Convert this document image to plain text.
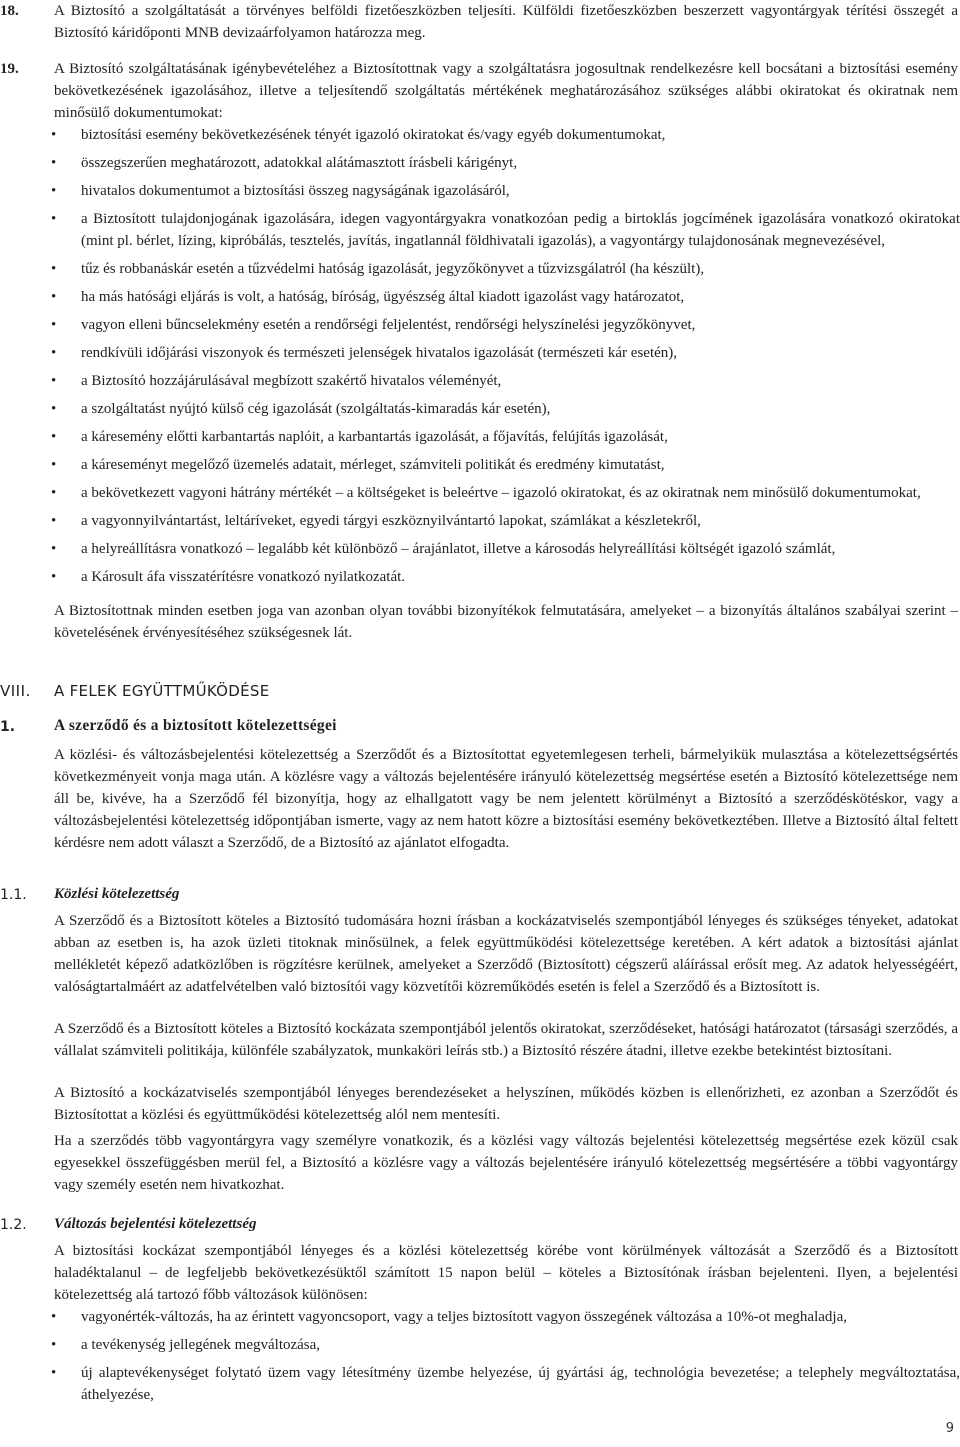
18. A Biztosító a szolgáltatását a törvényes belföldi fizetőeszközben teljesíti. Külföldi fizetőeszközben beszerzett vagyontárgyak térítési összegét a Biztosító káridőponti MNB devizaárfolyamon határozza meg.
19. A Biztosító szolgáltatásának igénybevételéhez a Biztosítottnak vagy a szolgáltatásra jogosultnak rendelkezésre kell bocsátani a biztosítási esemény bekövetkezésének igazolásához, illetve a teljesítendő szolgáltatás mértékének meghatározásához szükséges alábbi okiratokat és okiratnak nem minősülő dokumentumokat:
• biztosítási esemény bekövetkezésének tényét igazoló okiratokat és/vagy egyéb dokumentumokat,
• összegszerűen meghatározott, adatokkal alátámasztott írásbeli kárigényt,
• hivatalos dokumentumot a biztosítási összeg nagyságának igazolásáról,
• a Biztosított tulajdonjogának igazolására, idegen vagyontárgyakra vonatkozóan pedig a birtoklás jogcímének igazolására vonatkozó okiratokat (mint pl. bérlet, lízing, kipróbálás, tesztelés, javítás, ingatlannál földhivatali igazolás), a vagyontárgy tulajdonosának megnevezésével,
• tűz és robbanáskár esetén a tűzvédelmi hatóság igazolását, jegyzőkönyvet a tűzvizsgálatról (ha készült),
• ha más hatósági eljárás is volt, a hatóság, bíróság, ügyészség által kiadott igazolást vagy határozatot,
• vagyon elleni bűncselekmény esetén a rendőrségi feljelentést, rendőrségi helyszínelési jegyzőkönyvet,
• rendkívüli időjárási viszonyok és természeti jelenségek hivatalos igazolását (természeti kár esetén),
• a Biztosító hozzájárulásával megbízott szakértő hivatalos véleményét,
• a szolgáltatást nyújtó külső cég igazolását (szolgáltatás-kimaradás kár esetén),
• a káresemény előtti karbantartás naplóit, a karbantartás igazolását, a főjavítás, felújítás igazolását,
• a káreseményt megelőző üzemelés adatait, mérleget, számviteli politikát és eredmény kimutatást,
• a bekövetkezett vagyoni hátrány mértékét – a költségeket is beleértve – igazoló okiratokat, és az okiratnak nem minősülő dokumentumokat,
• a vagyonnyilvántartást, leltáríveket, egyedi tárgyi eszköznyilvántartó lapokat, számlákat a készletekről,
• a helyreállításra vonatkozó – legalább két különböző – árajánlatot, illetve a károsodás helyreállítási költségét igazoló számlát,
• a Károsult áfa visszatérítésre vonatkozó nyilatkozatát.
A Biztosítottnak minden esetben joga van azonban olyan további bizonyítékok felmutatására, amelyeket – a bizonyítás általános szabályai szerint – követelésének érvényesítéséhez szükségesnek lát.
VIII. A FELEK EGYÜTTMŰKÖDÉSE
1.	A szerződő és a biztosított kötelezettségei
A közlési- és változásbejelentési kötelezettség a Szerződőt és a Biztosítottat egyetemlegesen terheli, bármelyikük mulasztása a kötelezettségsértés következményeit vonja maga után. A közlésre vagy a változás bejelentésére irányuló kötelezettség megsértése esetén a Biztosító kötelezettsége nem áll be, kivéve, ha a Szerződő fél bizonyítja, hogy az elhallgatott vagy be nem jelentett körülményt a Biztosító a szerződéskötéskor, vagy a változásbejelentési kötelezettség időpontjában ismerte, vagy az nem hatott közre a biztosítási esemény bekövetkeztében. Illetve a Biztosító által feltett kérdésre nem adott választ a Szerződő, de a Biztosító az ajánlatot elfogadta.
1.1. Közlési kötelezettség
A Szerződő és a Biztosított köteles a Biztosító tudomására hozni írásban a kockázatviselés szempontjából lényeges és szükséges tényeket, adatokat abban az esetben is, ha azok üzleti titoknak minősülnek, a felek együttműködési kötelezettsége keretében. A kért adatok a biztosítási ajánlat mellékletét képező adatközlőben is rögzítésre kerülnek, amelyeket a Szerződő (Biztosított) cégszerű aláírással erősít meg. Az adatok helyességéért, valóságtartalmáért az adatfelvételben való biztosítói vagy közvetítői közreműködés esetén is felel a Szerződő és a Biztosított is.
A Szerződő és a Biztosított köteles a Biztosító kockázata szempontjából jelentős okiratokat, szerződéseket, hatósági határozatot (társasági szerződés, a vállalat számviteli politikája, különféle szabályzatok, munkaköri leírás stb.) a Biztosító részére átadni, illetve ezekbe betekintést biztosítani.
A Biztosító a kockázatviselés szempontjából lényeges berendezéseket a helyszínen, működés közben is ellenőrizheti, ez azonban a Szerződőt és Biztosítottat a közlési és együttműködési kötelezettség alól nem mentesíti.
Ha a szerződés több vagyontárgyra vagy személyre vonatkozik, és a közlési vagy változás bejelentési kötelezettség megsértése ezek közül csak egyesekkel összefüggésben merül fel, a Biztosító a közlésre vagy a változás bejelentésére irányuló kötelezettség megsértésére a többi vagyontárgy vagy személy esetén nem hivatkozhat.
1.2. Változás bejelentési kötelezettség
A biztosítási kockázat szempontjából lényeges és a közlési kötelezettség körébe vont körülmények változását a Szerződő és a Biztosított haladéktalanul – de legfeljebb bekövetkezésüktől számított 15 napon belül – köteles a Biztosítónak írásban bejelenteni. Ilyen, a bejelentési kötelezettség alá tartozó főbb változások különösen:
• vagyonérték-változás, ha az érintett vagyoncsoport, vagy a teljes biztosított vagyon összegének változása a 10%-ot meghaladja,
• a tevékenység jellegének megváltozása,
• új alaptevékenységet folytató üzem vagy létesítmény üzembe helyezése, új gyártási ág, technológia bevezetése; a telephely megváltoztatása, áthelyezése,
9
